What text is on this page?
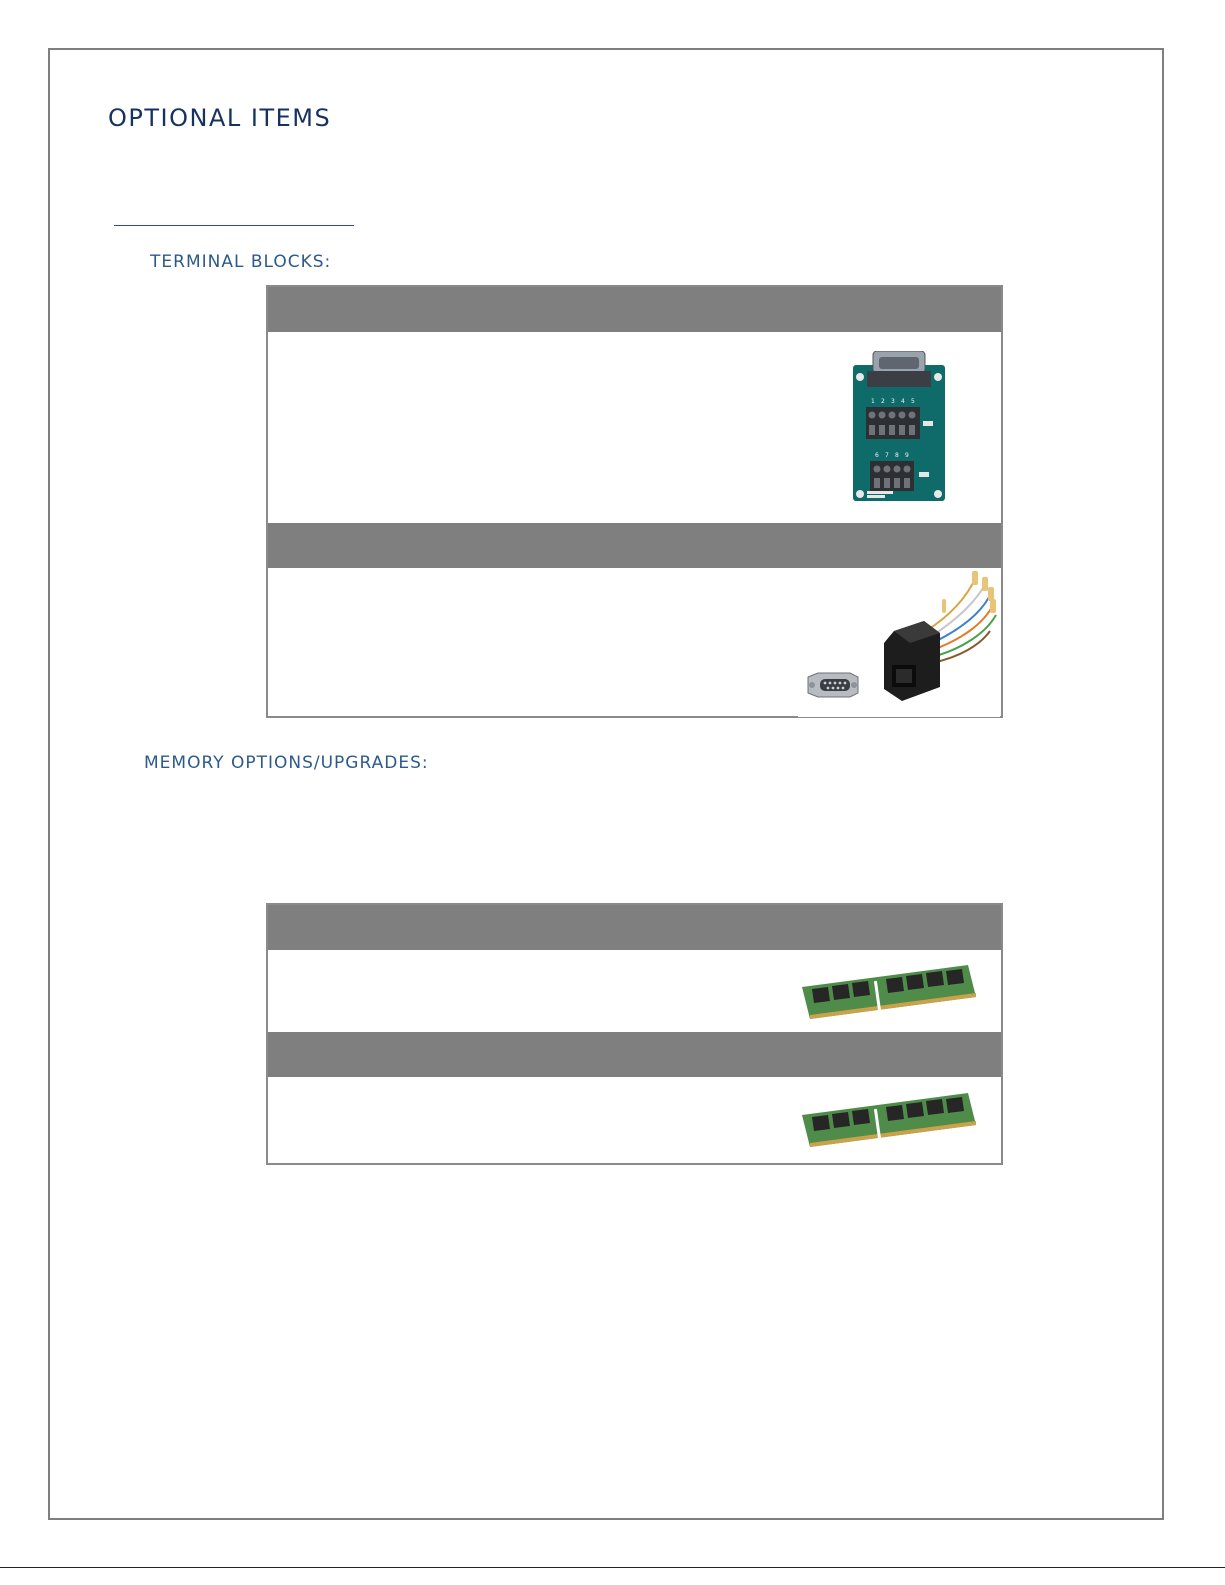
OPTIONAL ITEMS
TERMINAL BLOCKS:
1 2 3 4 5
6 7 8 9
MEMORY OPTIONS/UPGRADES:
